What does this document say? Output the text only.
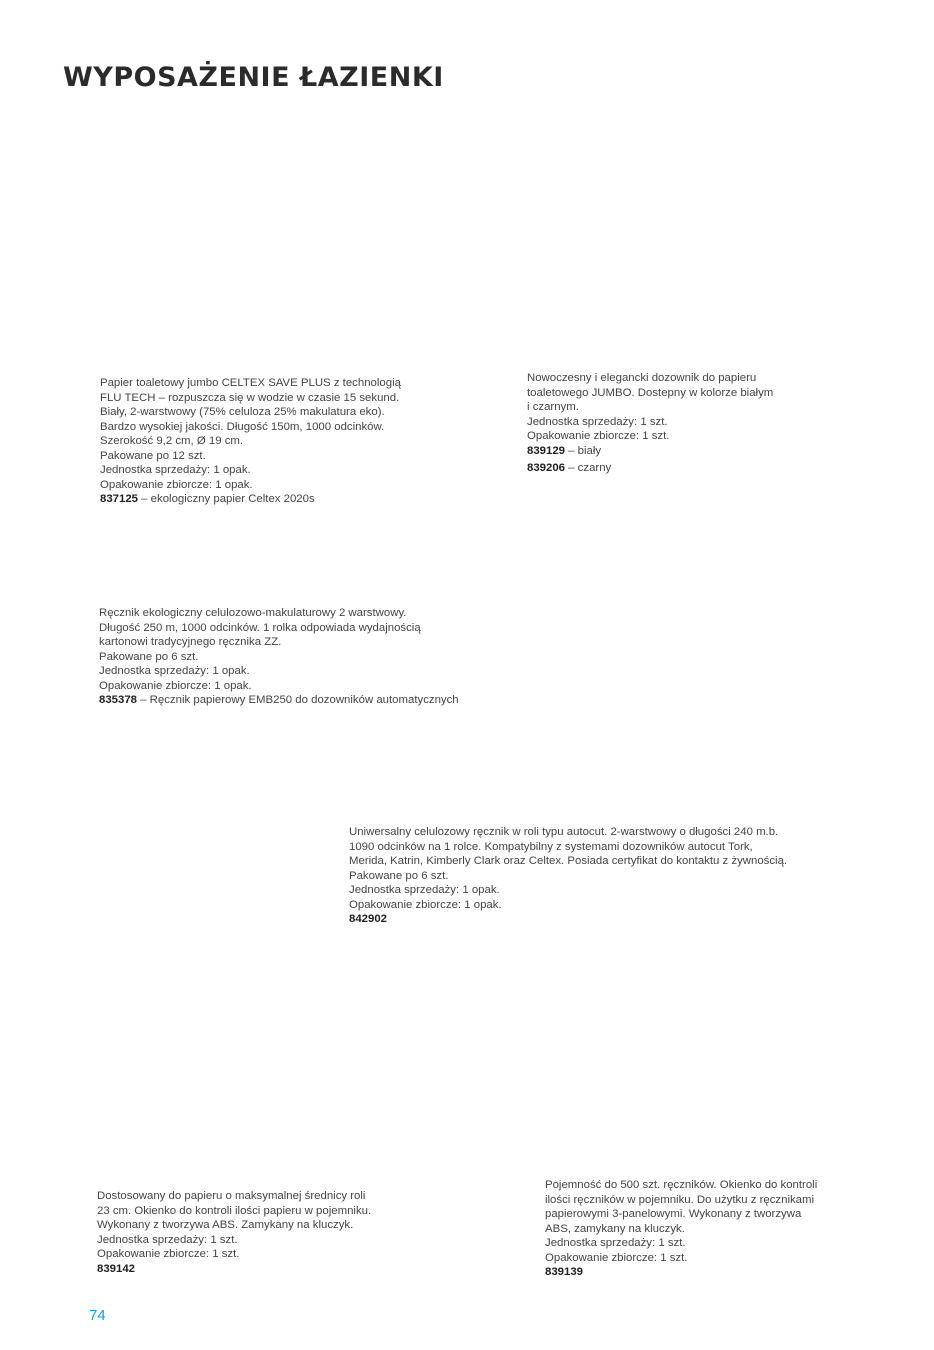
WYPOSAŻENIE ŁAZIENKI
Papier toaletowy jumbo CELTEX SAVE PLUS z technologią
FLU TECH – rozpuszcza się w wodzie w czasie 15 sekund.
Biały, 2-warstwowy (75% celuloza 25% makulatura eko).
Bardzo wysokiej jakości. Długość 150m, 1000 odcinków.
Szerokość 9,2 cm, Ø 19 cm.
Pakowane po 12 szt.
Jednostka sprzedaży: 1 opak.
Opakowanie zbiorcze: 1 opak.
837125 – ekologiczny papier Celtex 2020s
Nowoczesny i elegancki dozownik do papieru
toaletowego JUMBO. Dostepny w kolorze białym
i czarnym.
Jednostka sprzedaży: 1 szt.
Opakowanie zbiorcze: 1 szt.
839129 – biały
839206 – czarny
Ręcznik ekologiczny celulozowo-makulaturowy 2 warstwowy.
Długość 250 m, 1000 odcinków. 1 rolka odpowiada wydajnością
kartonowi tradycyjnego ręcznika ZZ.
Pakowane po 6 szt.
Jednostka sprzedaży: 1 opak.
Opakowanie zbiorcze: 1 opak.
835378 – Ręcznik papierowy EMB250 do dozowników automatycznych
Uniwersalny celulozowy ręcznik w roli typu autocut. 2-warstwowy o długości 240 m.b.
1090 odcinków na 1 rolce. Kompatybilny z systemami dozowników autocut Tork,
Merida, Katrin, Kimberly Clark oraz Celtex. Posiada certyfikat do kontaktu z żywnością.
Pakowane po 6 szt.
Jednostka sprzedaży: 1 opak.
Opakowanie zbiorcze: 1 opak.
842902
Dostosowany do papieru o maksymalnej średnicy roli
23 cm. Okienko do kontroli ilości papieru w pojemniku.
Wykonany z tworzywa ABS. Zamykany na kluczyk.
Jednostka sprzedaży: 1 szt.
Opakowanie zbiorcze: 1 szt.
839142
Pojemność do 500 szt. ręczników. Okienko do kontroli
ilości ręczników w pojemniku. Do użytku z ręcznikami
papierowymi 3-panelowymi. Wykonany z tworzywa
ABS, zamykany na kluczyk.
Jednostka sprzedaży: 1 szt.
Opakowanie zbiorcze: 1 szt.
839139
74
